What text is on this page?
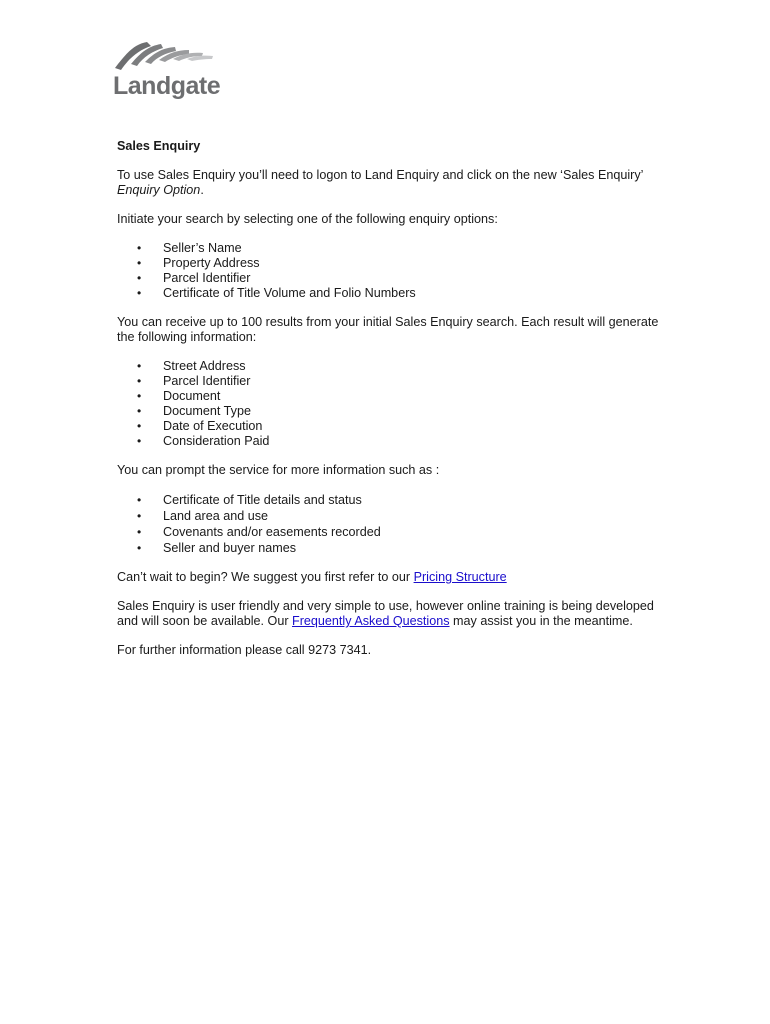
Landgate

Sales Enquiry

To use Sales Enquiry you’ll need to logon to Land Enquiry and click on the new ‘Sales Enquiry’ Enquiry Option.

Initiate your search by selecting one of the following enquiry options:

• Seller’s Name
• Property Address
• Parcel Identifier
• Certificate of Title Volume and Folio Numbers

You can receive up to 100 results from your initial Sales Enquiry search. Each result will generate the following information:

• Street Address
• Parcel Identifier
• Document
• Document Type
• Date of Execution
• Consideration Paid

You can prompt the service for more information such as :

• Certificate of Title details and status
• Land area and use
• Covenants and/or easements recorded
• Seller and buyer names

Can’t wait to begin? We suggest you first refer to our Pricing Structure

Sales Enquiry is user friendly and very simple to use, however online training is being developed and will soon be available. Our Frequently Asked Questions may assist you in the meantime.

For further information please call 9273 7341.
